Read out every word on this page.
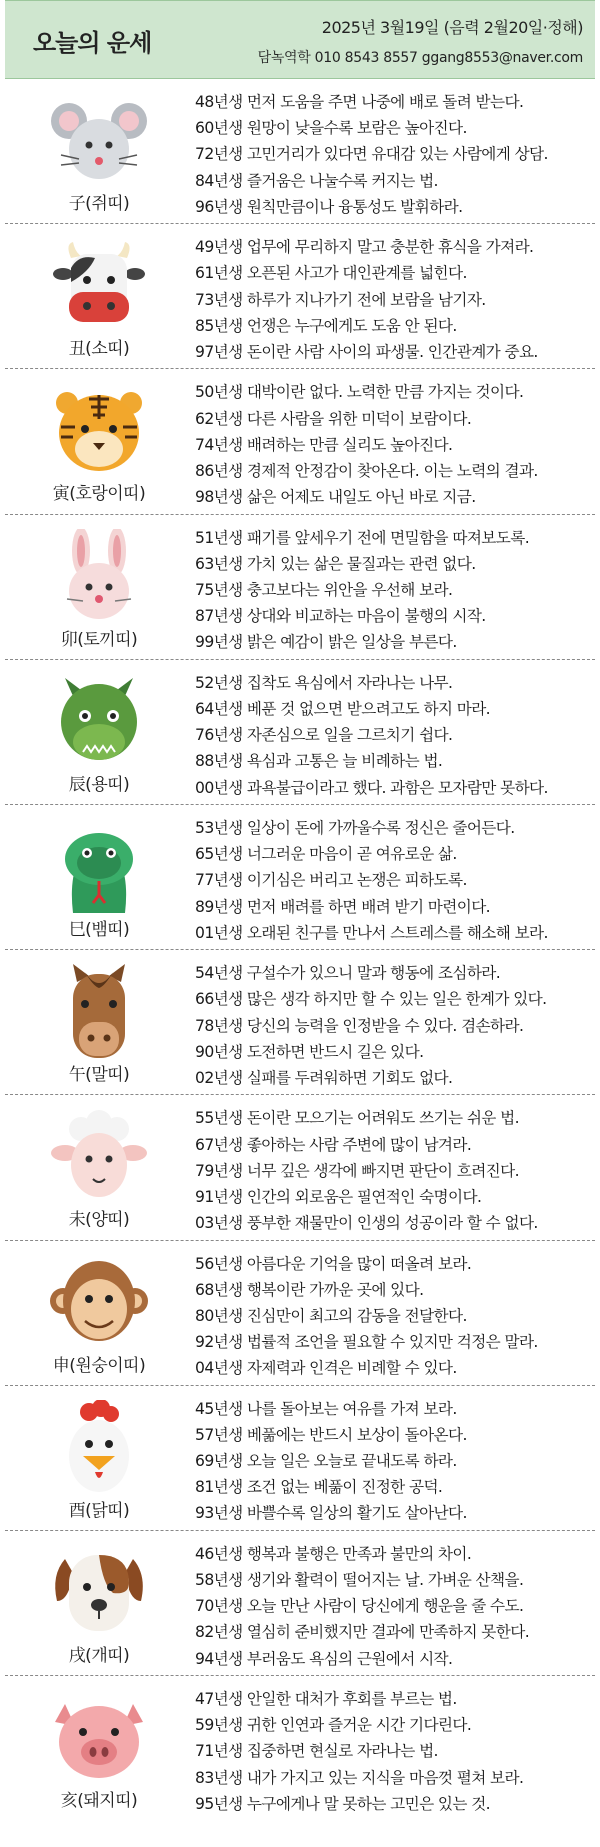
오늘의 운세
2025년 3월19일 (음력 2월20일·정해)
담녹역학 010 8543 8557 ggang8553@naver.com
子(쥐띠)
48년생 먼저 도움을 주면 나중에 배로 돌려 받는다.
60년생 원망이 낮을수록 보람은 높아진다.
72년생 고민거리가 있다면 유대감 있는 사람에게 상담.
84년생 즐거움은 나눌수록 커지는 법.
96년생 원칙만큼이나 융통성도 발휘하라.
丑(소띠)
49년생 업무에 무리하지 말고 충분한 휴식을 가져라.
61년생 오픈된 사고가 대인관계를 넓힌다.
73년생 하루가 지나가기 전에 보람을 남기자.
85년생 언쟁은 누구에게도 도움 안 된다.
97년생 돈이란 사람 사이의 파생물. 인간관계가 중요.
寅(호랑이띠)
50년생 대박이란 없다. 노력한 만큼 가지는 것이다.
62년생 다른 사람을 위한 미덕이 보람이다.
74년생 배려하는 만큼 실리도 높아진다.
86년생 경제적 안정감이 찾아온다. 이는 노력의 결과.
98년생 삶은 어제도 내일도 아닌 바로 지금.
卯(토끼띠)
51년생 패기를 앞세우기 전에 면밀함을 따져보도록.
63년생 가치 있는 삶은 물질과는 관련 없다.
75년생 충고보다는 위안을 우선해 보라.
87년생 상대와 비교하는 마음이 불행의 시작.
99년생 밝은 예감이 밝은 일상을 부른다.
辰(용띠)
52년생 집착도 욕심에서 자라나는 나무.
64년생 베푼 것 없으면 받으려고도 하지 마라.
76년생 자존심으로 일을 그르치기 쉽다.
88년생 욕심과 고통은 늘 비례하는 법.
00년생 과욕불급이라고 했다. 과함은 모자람만 못하다.
巳(뱀띠)
53년생 일상이 돈에 가까울수록 정신은 줄어든다.
65년생 너그러운 마음이 곧 여유로운 삶.
77년생 이기심은 버리고 논쟁은 피하도록.
89년생 먼저 배려를 하면 배려 받기 마련이다.
01년생 오래된 친구를 만나서 스트레스를 해소해 보라.
午(말띠)
54년생 구설수가 있으니 말과 행동에 조심하라.
66년생 많은 생각 하지만 할 수 있는 일은 한계가 있다.
78년생 당신의 능력을 인정받을 수 있다. 겸손하라.
90년생 도전하면 반드시 길은 있다.
02년생 실패를 두려워하면 기회도 없다.
未(양띠)
55년생 돈이란 모으기는 어려워도 쓰기는 쉬운 법.
67년생 좋아하는 사람 주변에 많이 남겨라.
79년생 너무 깊은 생각에 빠지면 판단이 흐려진다.
91년생 인간의 외로움은 필연적인 숙명이다.
03년생 풍부한 재물만이 인생의 성공이라 할 수 없다.
申(원숭이띠)
56년생 아름다운 기억을 많이 떠올려 보라.
68년생 행복이란 가까운 곳에 있다.
80년생 진심만이 최고의 감동을 전달한다.
92년생 법률적 조언을 필요할 수 있지만 걱정은 말라.
04년생 자제력과 인격은 비례할 수 있다.
酉(닭띠)
45년생 나를 돌아보는 여유를 가져 보라.
57년생 베풂에는 반드시 보상이 돌아온다.
69년생 오늘 일은 오늘로 끝내도록 하라.
81년생 조건 없는 베풂이 진정한 공덕.
93년생 바쁠수록 일상의 활기도 살아난다.
戌(개띠)
46년생 행복과 불행은 만족과 불만의 차이.
58년생 생기와 활력이 떨어지는 날. 가벼운 산책을.
70년생 오늘 만난 사람이 당신에게 행운을 줄 수도.
82년생 열심히 준비했지만 결과에 만족하지 못한다.
94년생 부러움도 욕심의 근원에서 시작.
亥(돼지띠)
47년생 안일한 대처가 후회를 부르는 법.
59년생 귀한 인연과 즐거운 시간 기다린다.
71년생 집중하면 현실로 자라나는 법.
83년생 내가 가지고 있는 지식을 마음껏 펼쳐 보라.
95년생 누구에게나 말 못하는 고민은 있는 것.
